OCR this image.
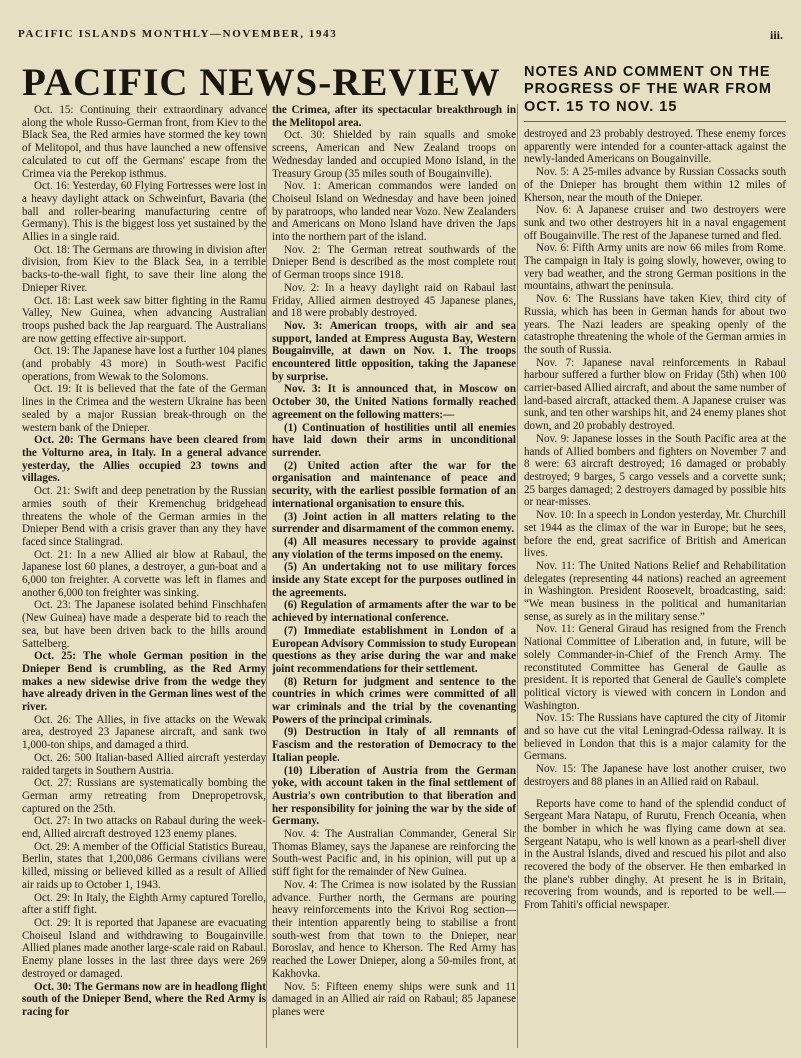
PACIFIC ISLANDS MONTHLY—NOVEMBER, 1943	iii.
PACIFIC NEWS-REVIEW	NOTES AND COMMENT ON THE PROGRESS OF THE WAR FROM OCT. 15 TO NOV. 15

Oct. 15: Continuing their extraordinary advance along the whole Russo-German front, from Kiev to the Black Sea, the Red armies have stormed the key town of Melitopol, and thus have launched a new offensive calculated to cut off the Germans' escape from the Crimea via the Perekop isthmus.

Oct. 16: Yesterday, 60 Flying Fortresses were lost in a heavy daylight attack on Schweinfurt, Bavaria (the ball and roller-bearing manufacturing centre of Germany). This is the biggest loss yet sustained by the Allies in a single raid.

Oct. 18: The Germans are throwing in division after division, from Kiev to the Black Sea, in a terrible backs-to-the-wall fight, to save their line along the Dnieper River.

Oct. 18: Last week saw bitter fighting in the Ramu Valley, New Guinea, when advancing Australian troops pushed back the Jap rearguard. The Australians are now getting effective air-support.

Oct. 19: The Japanese have lost a further 104 planes (and probably 43 more) in South-west Pacific operations, from Wewak to the Solomons.

Oct. 19: It is believed that the fate of the German lines in the Crimea and the western Ukraine has been sealed by a major Russian break-through on the western bank of the Dnieper.

Oct. 20: The Germans have been cleared from the Volturno area, in Italy. In a general advance yesterday, the Allies occupied 23 towns and villages.

Oct. 21: Swift and deep penetration by the Russian armies south of their Kremenchug bridgehead threatens the whole of the German armies in the Dnieper Bend with a crisis graver than any they have faced since Stalingrad.

Oct. 21: In a new Allied air blow at Rabaul, the Japanese lost 60 planes, a destroyer, a gun-boat and a 6,000 ton freighter. A corvette was left in flames and another 6,000 ton freighter was sinking.

Oct. 23: The Japanese isolated behind Finschhafen (New Guinea) have made a desperate bid to reach the sea, but have been driven back to the hills around Sattelberg.

Oct. 25: The whole German position in the Dnieper Bend is crumbling, as the Red Army makes a new sidewise drive from the wedge they have already driven in the German lines west of the river.

Oct. 26: The Allies, in five attacks on the Wewak area, destroyed 23 Japanese aircraft, and sank two 1,000-ton ships, and damaged a third.

Oct. 26: 500 Italian-based Allied aircraft yesterday raided targets in Southern Austria.

Oct. 27: Russians are systematically bombing the German army retreating from Dnepropetrovsk, captured on the 25th.

Oct. 27: In two attacks on Rabaul during the week-end, Allied aircraft destroyed 123 enemy planes.

Oct. 29: A member of the Official Statistics Bureau, Berlin, states that 1,200,086 Germans civilians were killed, missing or believed killed as a result of Allied air raids up to October 1, 1943.

Oct. 29: In Italy, the Eighth Army captured Torello, after a stiff fight.

Oct. 29: It is reported that Japanese are evacuating Choiseul Island and withdrawing to Bougainville. Allied planes made another large-scale raid on Rabaul. Enemy plane losses in the last three days were 269 destroyed or damaged.

Oct. 30: The Germans now are in headlong flight south of the Dnieper Bend, where the Red Army is racing for

the Crimea, after its spectacular breakthrough in the Melitopol area.

Oct. 30: Shielded by rain squalls and smoke screens, American and New Zealand troops on Wednesday landed and occupied Mono Island, in the Treasury Group (35 miles south of Bougainville).

Nov. 1: American commandos were landed on Choiseul Island on Wednesday and have been joined by paratroops, who landed near Vozo. New Zealanders and Americans on Mono Island have driven the Japs into the northern part of the island.

Nov. 2: The German retreat southwards of the Dnieper Bend is described as the most complete rout of German troops since 1918.

Nov. 2: In a heavy daylight raid on Rabaul last Friday, Allied airmen destroyed 45 Japanese planes, and 18 were probably destroyed.

Nov. 3: American troops, with air and sea support, landed at Empress Augusta Bay, Western Bougainville, at dawn on Nov. 1. The troops encountered little opposition, taking the Japanese by surprise.

Nov. 3: It is announced that, in Moscow on October 30, the United Nations formally reached agreement on the following matters:—

(1) Continuation of hostilities until all enemies have laid down their arms in unconditional surrender.

(2) United action after the war for the organisation and maintenance of peace and security, with the earliest possible formation of an international organisation to ensure this.

(3) Joint action in all matters relating to the surrender and disarmament of the common enemy.

(4) All measures necessary to provide against any violation of the terms imposed on the enemy.

(5) An undertaking not to use military forces inside any State except for the purposes outlined in the agreements.

(6) Regulation of armaments after the war to be achieved by international conference.

(7) Immediate establishment in London of a European Advisory Commission to study European questions as they arise during the war and make joint recommendations for their settlement.

(8) Return for judgment and sentence to the countries in which crimes were committed of all war criminals and the trial by the covenanting Powers of the principal criminals.

(9) Destruction in Italy of all remnants of Fascism and the restoration of Democracy to the Italian people.

(10) Liberation of Austria from the German yoke, with account taken in the final settlement of Austria's own contribution to that liberation and her responsibility for joining the war by the side of Germany.

Nov. 4: The Australian Commander, General Sir Thomas Blamey, says the Japanese are reinforcing the South-west Pacific and, in his opinion, will put up a stiff fight for the remainder of New Guinea.

Nov. 4: The Crimea is now isolated by the Russian advance. Further north, the Germans are pouring heavy reinforcements into the Krivoi Rog section—their intention apparently being to stabilise a front south-west from that town to the Dnieper, near Boroslav, and hence to Kherson. The Red Army has reached the Lower Dnieper, along a 50-miles front, at Kakhovka.

Nov. 5: Fifteen enemy ships were sunk and 11 damaged in an Allied air raid on Rabaul; 85 Japanese planes were

destroyed and 23 probably destroyed. These enemy forces apparently were intended for a counter-attack against the newly-landed Americans on Bougainville.

Nov. 5: A 25-miles advance by Russian Cossacks south of the Dnieper has brought them within 12 miles of Kherson, near the mouth of the Dnieper.

Nov. 6: A Japanese cruiser and two destroyers were sunk and two other destroyers hit in a naval engagement off Bougainville. The rest of the Japanese turned and fled.

Nov. 6: Fifth Army units are now 66 miles from Rome. The campaign in Italy is going slowly, however, owing to very bad weather, and the strong German positions in the mountains, athwart the peninsula.

Nov. 6: The Russians have taken Kiev, third city of Russia, which has been in German hands for about two years. The Nazi leaders are speaking openly of the catastrophe threatening the whole of the German armies in the south of Russia.

Nov. 7: Japanese naval reinforcements in Rabaul harbour suffered a further blow on Friday (5th) when 100 carrier-based Allied aircraft, and about the same number of land-based aircraft, attacked them. A Japanese cruiser was sunk, and ten other warships hit, and 24 enemy planes shot down, and 20 probably destroyed.

Nov. 9: Japanese losses in the South Pacific area at the hands of Allied bombers and fighters on November 7 and 8 were: 63 aircraft destroyed; 16 damaged or probably destroyed; 9 barges, 5 cargo vessels and a corvette sunk; 25 barges damaged; 2 destroyers damaged by possible hits or near-misses.

Nov. 10: In a speech in London yesterday, Mr. Churchill set 1944 as the climax of the war in Europe; but he sees, before the end, great sacrifice of British and American lives.

Nov. 11: The United Nations Relief and Rehabilitation delegates (representing 44 nations) reached an agreement in Washington. President Roosevelt, broadcasting, said: “We mean business in the political and humanitarian sense, as surely as in the military sense.”

Nov. 11: General Giraud has resigned from the French National Committee of Liberation and, in future, will be solely Commander-in-Chief of the French Army. The reconstituted Committee has General de Gaulle as president. It is reported that General de Gaulle's complete political victory is viewed with concern in London and Washington.

Nov. 15: The Russians have captured the city of Jitomir and so have cut the vital Leningrad-Odessa railway. It is believed in London that this is a major calamity for the Germans.

Nov. 15: The Japanese have lost another cruiser, two destroyers and 88 planes in an Allied raid on Rabaul.

Reports have come to hand of the splendid conduct of Sergeant Mara Natapu, of Rurutu, French Oceania, when the bomber in which he was flying came down at sea. Sergeant Natapu, who is well known as a pearl-shell diver in the Austral Islands, dived and rescued his pilot and also recovered the body of the observer. He then embarked in the plane's rubber dinghy. At present he is in Britain, recovering from wounds, and is reported to be well.—From Tahiti's official newspaper.
